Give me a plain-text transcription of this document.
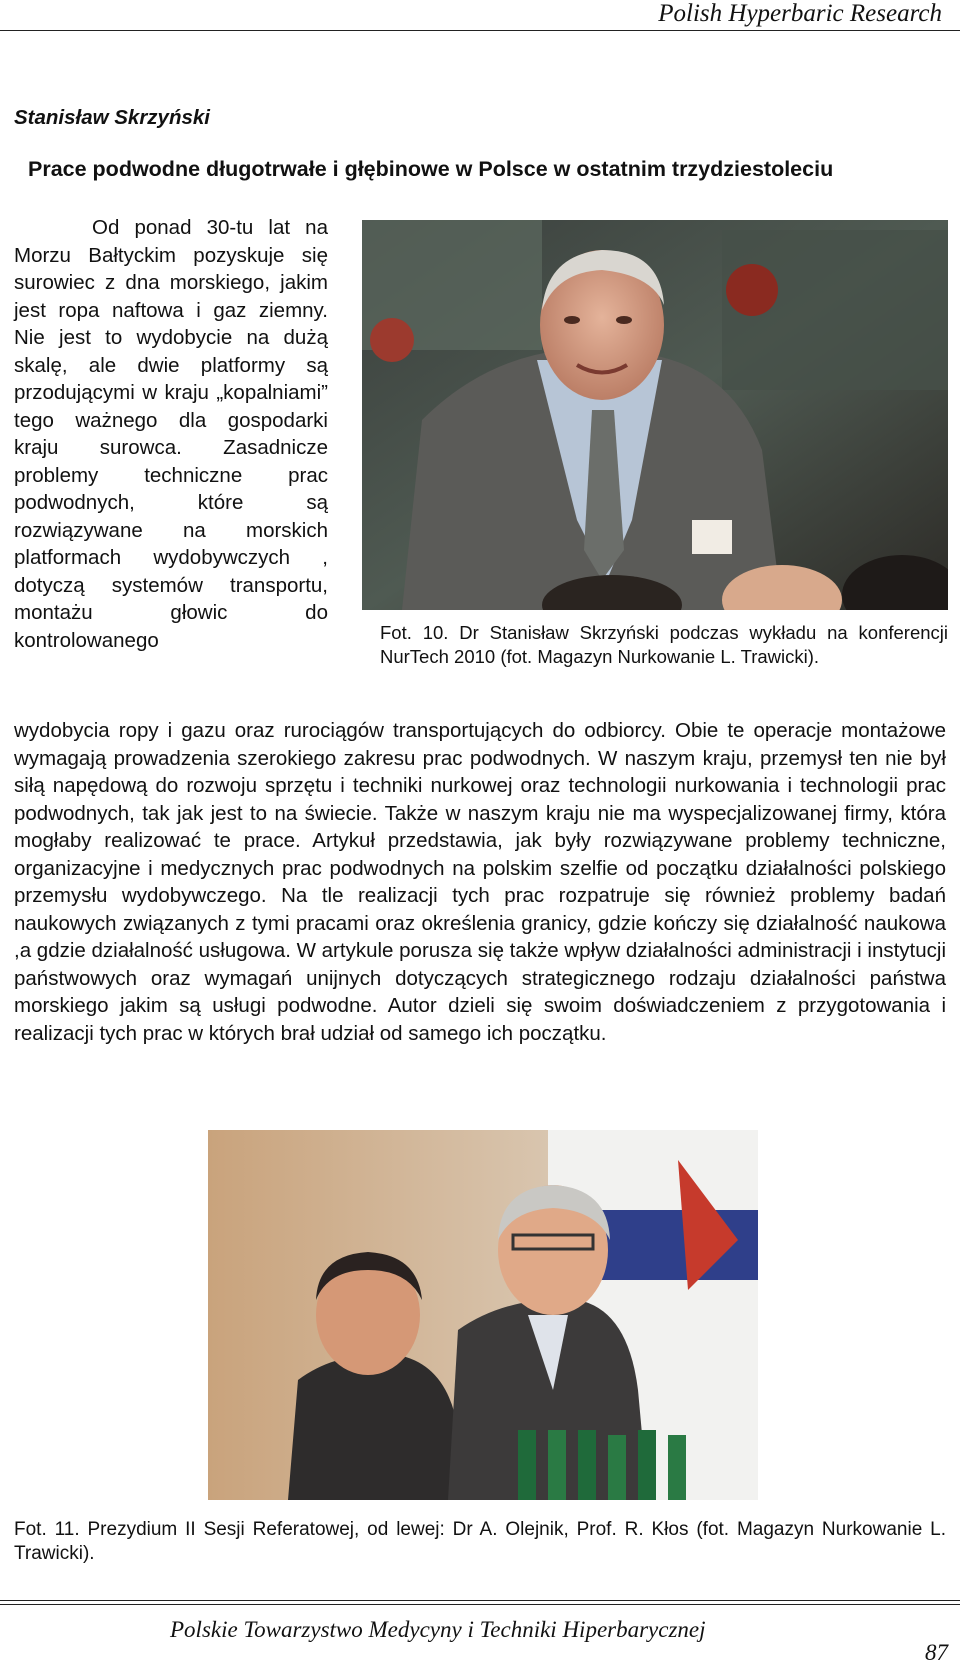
Polish Hyperbaric Research
Stanisław Skrzyński
Prace podwodne długotrwałe i głębinowe w Polsce w ostatnim trzydziestoleciu
Od ponad 30-tu lat na Morzu Bałtyckim pozyskuje się surowiec z dna morskiego, jakim jest ropa naftowa i gaz ziemny. Nie jest to wydobycie na dużą skalę, ale dwie platformy są przodującymi w kraju „kopalniami” tego ważnego dla gospodarki kraju surowca. Zasadnicze problemy techniczne prac podwodnych, które są rozwiązywane na morskich platformach wydobywczych , dotyczą systemów transportu, montażu głowic do kontrolowanego	Fot. 10. Dr Stanisław Skrzyński podczas wykładu na konferencji NurTech 2010 (fot. Magazyn Nurkowanie L. Trawicki).
wydobycia ropy i gazu oraz rurociągów transportujących do odbiorcy. Obie te operacje montażowe wymagają prowadzenia szerokiego zakresu prac podwodnych. W naszym kraju, przemysł ten nie był siłą napędową do rozwoju sprzętu i techniki nurkowej oraz technologii nurkowania i technologii prac podwodnych, tak jak jest to na świecie. Także w naszym kraju nie ma wyspecjalizowanej firmy, która mogłaby realizować te prace. Artykuł przedstawia, jak były rozwiązywane problemy techniczne, organizacyjne i medycznych prac podwodnych na polskim szelfie od początku działalności polskiego przemysłu wydobywczego. Na tle realizacji tych prac rozpatruje się również problemy badań naukowych związanych z tymi pracami oraz określenia granicy, gdzie kończy się działalność naukowa ,a gdzie działalność usługowa. W artykule porusza się także wpływ działalności administracji i instytucji państwowych oraz wymagań unijnych dotyczących strategicznego rodzaju działalności państwa morskiego jakim są usługi podwodne. Autor dzieli się swoim doświadczeniem z przygotowania i realizacji tych prac w których brał udział od samego ich początku.
Fot. 11. Prezydium II Sesji Referatowej, od lewej: Dr A. Olejnik, Prof. R. Kłos (fot. Magazyn Nurkowanie L. Trawicki).
Polskie Towarzystwo Medycyny i Techniki Hiperbarycznej
87
